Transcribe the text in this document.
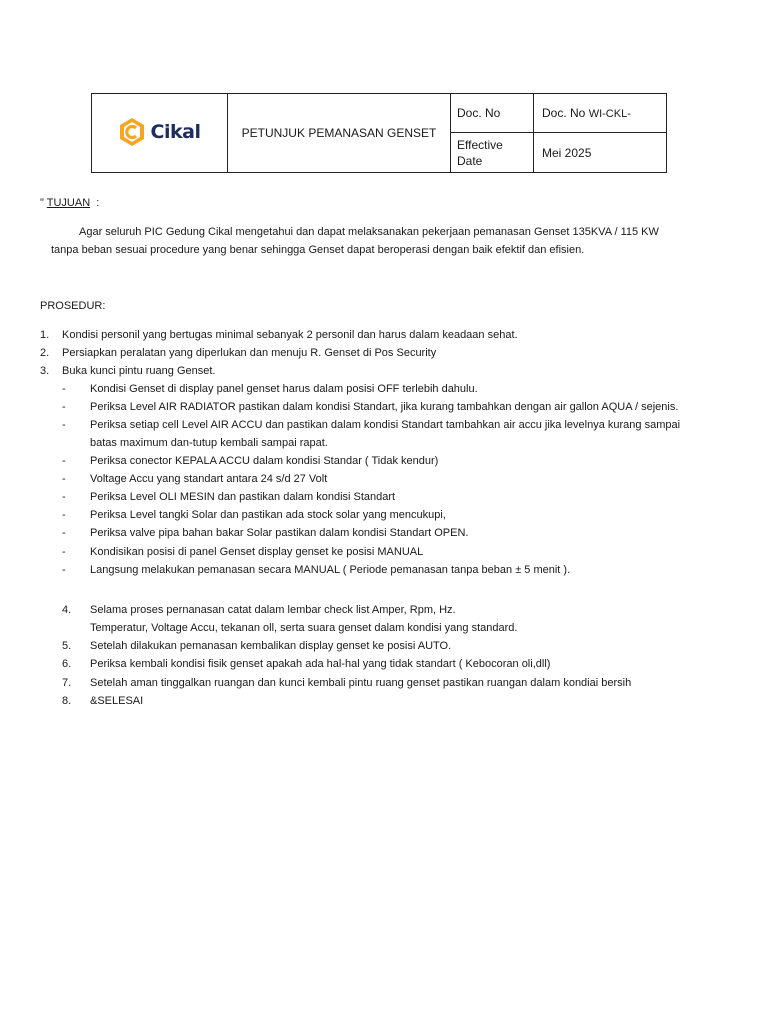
Cikal	PETUNJUK PEMANASAN GENSET	Doc. No	Doc. No WI-CKL-
		Effective Date	Mei 2025
" TUJUAN :
Agar seluruh PIC Gedung Cikal mengetahui dan dapat melaksanakan pekerjaan pemanasan Genset 135KVA / 115 KW
tanpa beban sesuai procedure yang benar sehingga Genset dapat beroperasi dengan baik efektif dan efisien.
PROSEDUR:
1. Kondisi personil yang bertugas minimal sebanyak 2 personil dan harus dalam keadaan sehat.
2. Persiapkan peralatan yang diperlukan dan menuju R. Genset di Pos Security
3. Buka kunci pintu ruang Genset.
- Kondisi Genset di display panel genset harus dalam posisi OFF terlebih dahulu.
- Periksa Level AIR RADIATOR pastikan dalam kondisi Standart, jika kurang tambahkan dengan air gallon AQUA / sejenis.
- Periksa setiap cell Level AIR ACCU dan pastikan dalam kondisi Standart tambahkan air accu jika levelnya kurang sampai
batas maximum dan-tutup kembali sampai rapat.
- Periksa conector KEPALA ACCU dalam kondisi Standar ( Tidak kendur)
- Voltage Accu yang standart antara 24 s/d 27 Volt
- Periksa Level OLI MESIN dan pastikan dalam kondisi Standart
- Periksa Level tangki Solar dan pastikan ada stock solar yang mencukupi,
- Periksa valve pipa bahan bakar Solar pastikan dalam kondisi Standart OPEN.
- Kondisikan posisi di panel Genset display genset ke posisi MANUAL
- Langsung melakukan pemanasan secara MANUAL ( Periode pemanasan tanpa beban ± 5 menit ).
4. Selama proses pernanasan catat dalam lembar check list Amper, Rpm, Hz.
Temperatur, Voltage Accu, tekanan oll, serta suara genset dalam kondisi yang standard.
5. Setelah dilakukan pemanasan kembalikan display genset ke posisi AUTO.
6. Periksa kembali kondisi fisik genset apakah ada hal-hal yang tidak standart ( Kebocoran oli,dll)
7. Setelah aman tinggalkan ruangan dan kunci kembali pintu ruang genset pastikan ruangan dalam kondiai bersih
8. &SELESAI
